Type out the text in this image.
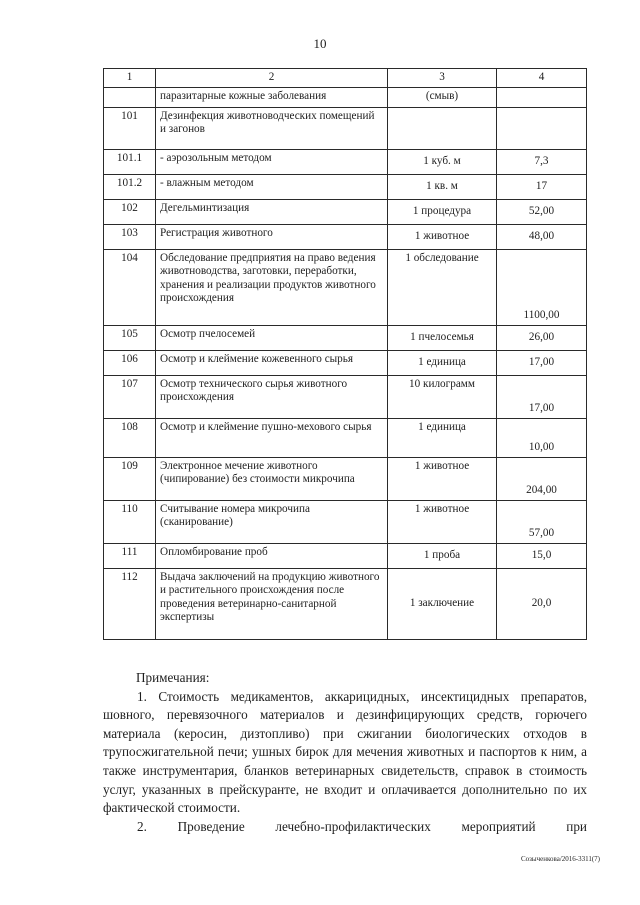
10
1	2	3	4
	паразитарные кожные заболевания	(смыв)	
101	Дезинфекция животноводческих помещений и загонов		
101.1	- аэрозольным методом	1 куб. м	7,3
101.2	- влажным методом	1 кв. м	17
102	Дегельминтизация	1 процедура	52,00
103	Регистрация животного	1 животное	48,00
104	Обследование предприятия на право ведения животноводства, заготовки, переработки, хранения и реализации продуктов животного происхождения	1 обследование	1100,00
105	Осмотр пчелосемей	1 пчелосемья	26,00
106	Осмотр и клеймение кожевенного сырья	1 единица	17,00
107	Осмотр технического сырья животного происхождения	10 килограмм	17,00
108	Осмотр и клеймение пушно-мехового сырья	1 единица	10,00
109	Электронное мечение животного (чипирование) без стоимости микрочипа	1 животное	204,00
110	Считывание номера микрочипа (сканирование)	1 животное	57,00
111	Опломбирование проб	1 проба	15,0
112	Выдача заключений на продукцию животного и растительного происхождения после проведения ветеринарно-санитарной экспертизы	1 заключение	20,0

Примечания:

1. Стоимость медикаментов, аккарицидных, инсектицидных препаратов, шовного, перевязочного материалов и дезинфицирующих средств, горючего материала (керосин, дизтопливо) при сжигании биологических отходов в трупосжигательной печи; ушных бирок для мечения животных и паспортов к ним, а также инструментария, бланков ветеринарных свидетельств, справок в стоимость услуг, указанных в прейскуранте, не входит и оплачивается дополнительно по их фактической стоимости.

2. Проведение лечебно-профилактических мероприятий при

Созыченкова/2016-3311(7)
